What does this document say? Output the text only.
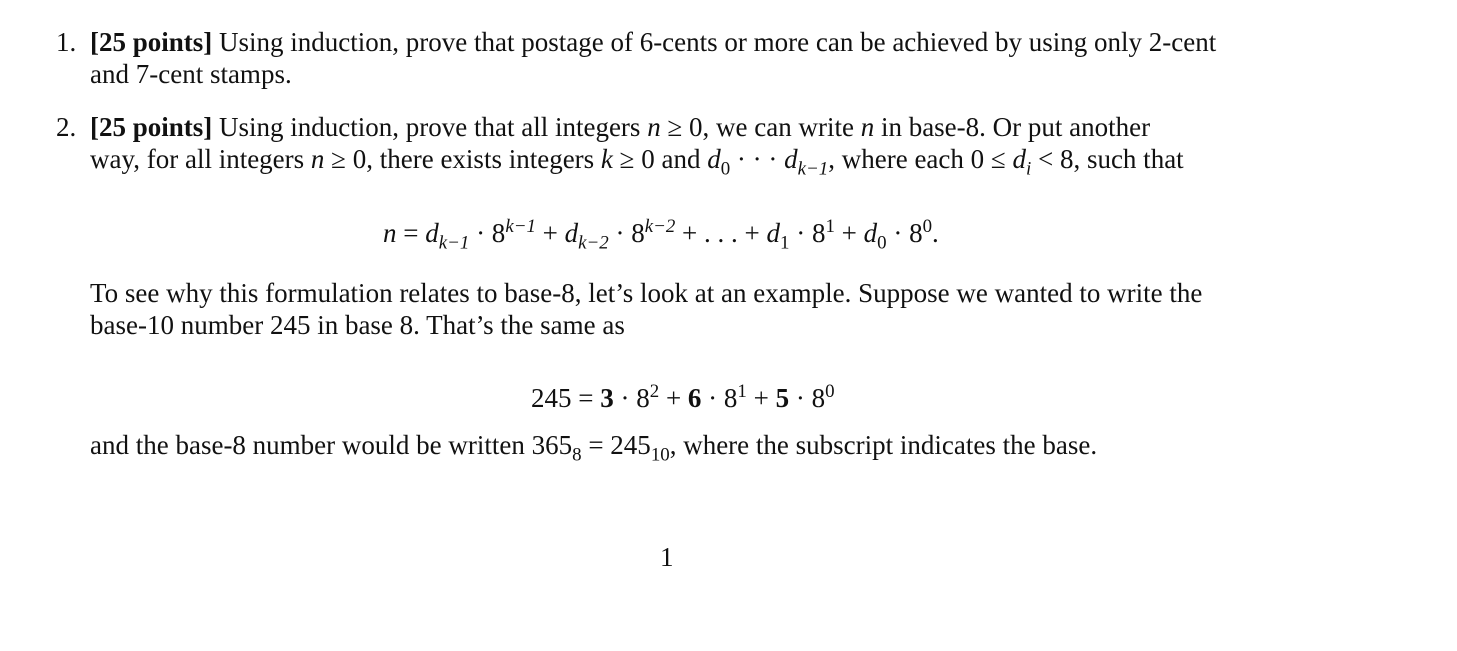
1. [25 points] Using induction, prove that postage of 6-cents or more can be achieved by using only 2-cent
and 7-cent stamps.
2. [25 points] Using induction, prove that all integers n ≥ 0, we can write n in base-8. Or put another
way, for all integers n ≥ 0, there exists integers k ≥ 0 and $d_0$ · · · $d_{k-1}$, where each $0 \le d_i < 8$, such that
$n = d_{k-1} \cdot 8^{k-1} + d_{k-2} \cdot 8^{k-2}$ + . . . + $d_1 \cdot 8^1 + d_0 \cdot 8^0$.
To see why this formulation relates to base-8, let’s look at an example. Suppose we wanted to write the
base-10 number 245 in base 8. That’s the same as
$245 = 3 \cdot 8^2 + 6 \cdot 8^1 + 5 \cdot 8^0$
and the base-8 number would be written $365_8 = 245_{10}$, where the subscript indicates the base.
1
